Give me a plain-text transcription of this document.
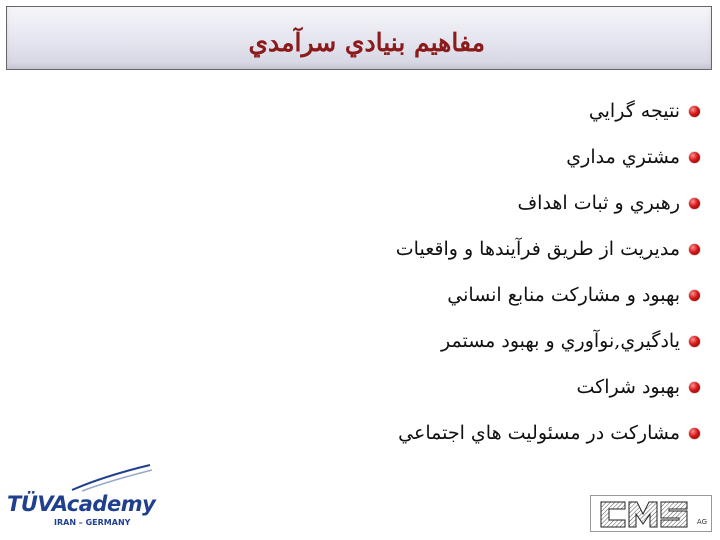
مفاهيم بنيادي سرآمدي
نتيجه گرايي
مشتري مداري
رهبري و ثبات اهداف
مديريت از طريق فرآيندها و واقعيات
بهبود و مشاركت منابع انساني
يادگيري,نوآوري و بهبود مستمر
بهبود شراكت
مشاركت در مسئوليت هاي اجتماعي
TÜVAcademy
IRAN – GERMANY	AG
